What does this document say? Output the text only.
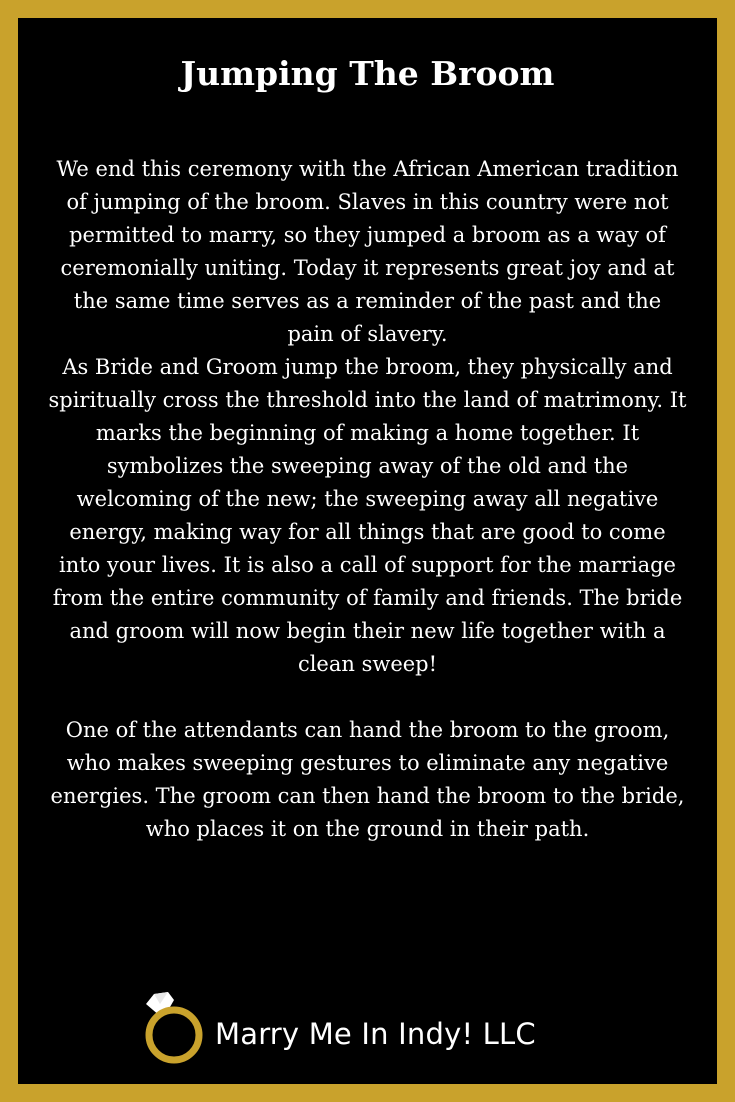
Jumping The Broom

We end this ceremony with the African American tradition of jumping of the broom. Slaves in this country were not permitted to marry, so they jumped a broom as a way of ceremonially uniting. Today it represents great joy and at the same time serves as a reminder of the past and the pain of slavery.

As Bride and Groom jump the broom, they physically and spiritually cross the threshold into the land of matrimony. It marks the beginning of making a home together. It symbolizes the sweeping away of the old and the welcoming of the new; the sweeping away all negative energy, making way for all things that are good to come into your lives. It is also a call of support for the marriage from the entire community of family and friends. The bride and groom will now begin their new life together with a clean sweep!

One of the attendants can hand the broom to the groom, who makes sweeping gestures to eliminate any negative energies. The groom can then hand the broom to the bride, who places it on the ground in their path.

Marry Me In Indy! LLC
